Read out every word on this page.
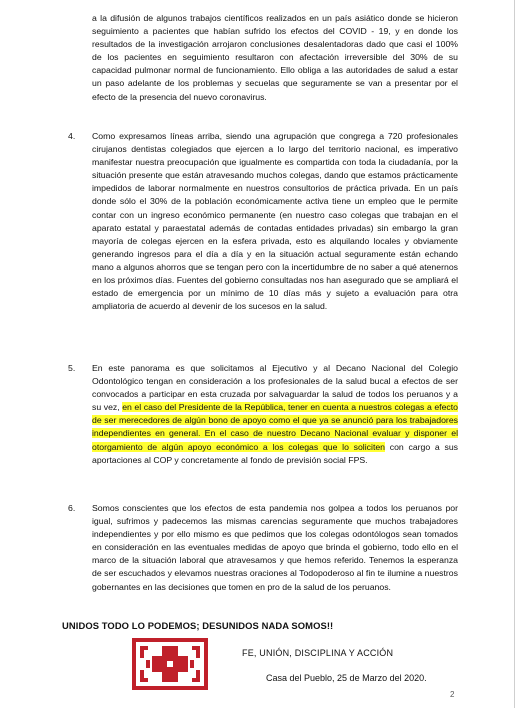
a la difusión de algunos trabajos científicos realizados en un país asiático donde se hicieron seguimiento a pacientes que habían sufrido los efectos del COVID - 19, y en donde los resultados de la investigación arrojaron conclusiones desalentadoras dado que casi el 100% de los pacientes en seguimiento resultaron con afectación irreversible del 30% de su capacidad pulmonar normal de funcionamiento. Ello obliga a las autoridades de salud a estar un paso adelante de los problemas y secuelas que seguramente se van a presentar por el efecto de la presencia del nuevo coronavirus.
4. Como expresamos líneas arriba, siendo una agrupación que congrega a 720 profesionales cirujanos dentistas colegiados que ejercen a lo largo del territorio nacional, es imperativo manifestar nuestra preocupación que igualmente es compartida con toda la ciudadanía, por la situación presente que están atravesando muchos colegas, dando que estamos prácticamente impedidos de laborar normalmente en nuestros consultorios de práctica privada. En un país donde sólo el 30% de la población económicamente activa tiene un empleo que le permite contar con un ingreso económico permanente (en nuestro caso colegas que trabajan en el aparato estatal y paraestatal además de contadas entidades privadas) sin embargo la gran mayoría de colegas ejercen en la esfera privada, esto es alquilando locales y obviamente generando ingresos para el día a día y en la situación actual seguramente están echando mano a algunos ahorros que se tengan pero con la incertidumbre de no saber a qué atenernos en los próximos días. Fuentes del gobierno consultadas nos han asegurado que se ampliará el estado de emergencia por un mínimo de 10 días más y sujeto a evaluación para otra ampliatoria de acuerdo al devenir de los sucesos en la salud.
5. En este panorama es que solicitamos al Ejecutivo y al Decano Nacional del Colegio Odontológico tengan en consideración a los profesionales de la salud bucal a efectos de ser convocados a participar en esta cruzada por salvaguardar la salud de todos los peruanos y a su vez, en el caso del Presidente de la República, tener en cuenta a nuestros colegas a efecto de ser merecedores de algún bono de apoyo como el que ya se anunció para los trabajadores independientes en general. En el caso de nuestro Decano Nacional evaluar y disponer el otorgamiento de algún apoyo económico a los colegas que lo soliciten con cargo a sus aportaciones al COP y concretamente al fondo de previsión social FPS.
6. Somos conscientes que los efectos de esta pandemia nos golpea a todos los peruanos por igual, sufrimos y padecemos las mismas carencias seguramente que muchos trabajadores independientes y por ello mismo es que pedimos que los colegas odontólogos sean tomados en consideración en las eventuales medidas de apoyo que brinda el gobierno, todo ello en el marco de la situación laboral que atravesamos y que hemos referido. Tenemos la esperanza de ser escuchados y elevamos nuestras oraciones al Todopoderoso al fin te ilumine a nuestros gobernantes en las decisiones que tomen en pro de la salud de los peruanos.
UNIDOS TODO LO PODEMOS; DESUNIDOS NADA SOMOS!!
FE, UNIÓN, DISCIPLINA Y ACCIÓN
Casa del Pueblo, 25 de Marzo del 2020.
2
